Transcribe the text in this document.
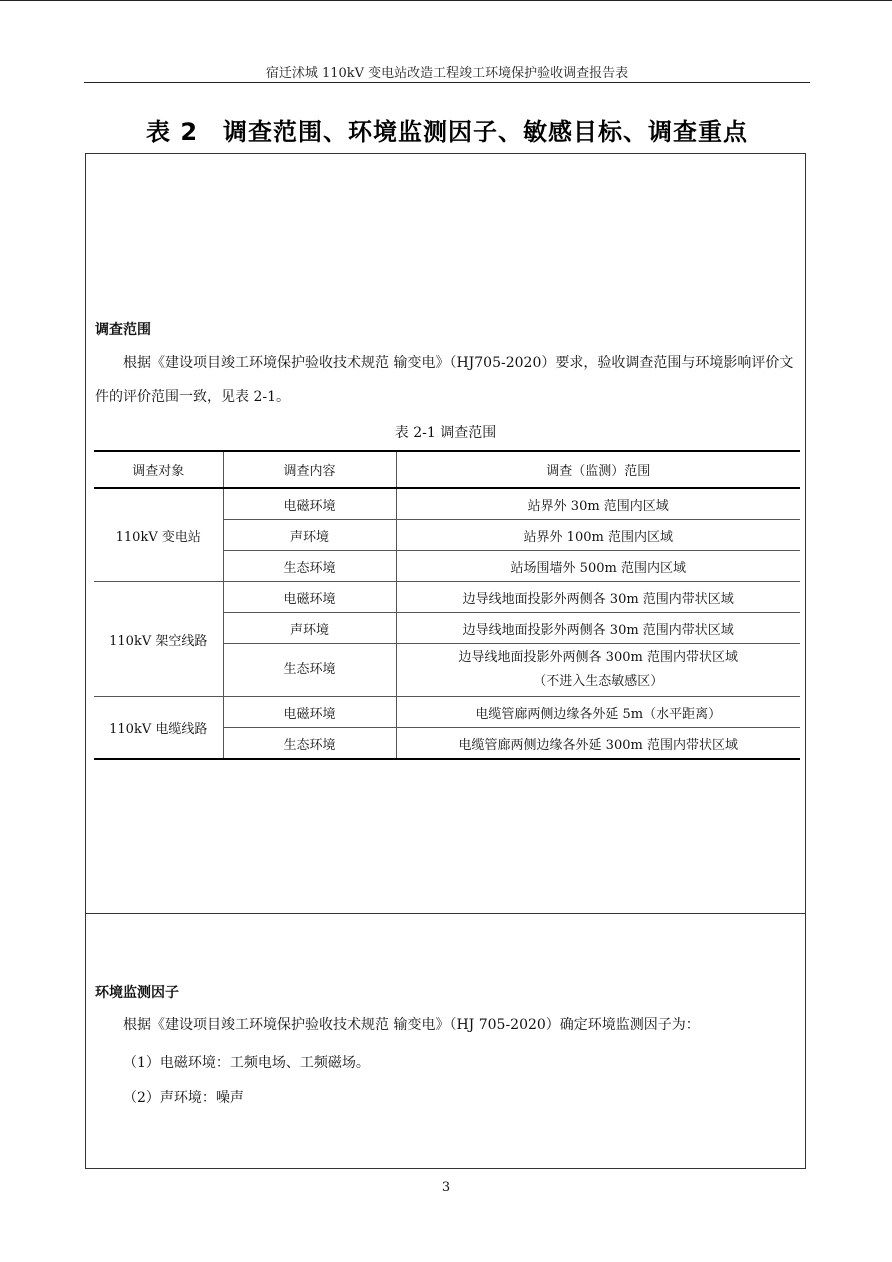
宿迁沭城 110kV 变电站改造工程竣工环境保护验收调查报告表
表 2　调查范围、环境监测因子、敏感目标、调查重点
调查范围
根据《建设项目竣工环境保护验收技术规范 输变电》（HJ705-2020）要求，验收调查范围与环境影响评价文件的评价范围一致，见表 2-1。
表 2-1 调查范围
调查对象	调查内容	调查（监测）范围
110kV 变电站	电磁环境	站界外 30m 范围内区域
	声环境	站界外 100m 范围内区域
	生态环境	站场围墙外 500m 范围内区域
110kV 架空线路	电磁环境	边导线地面投影外两侧各 30m 范围内带状区域
	声环境	边导线地面投影外两侧各 30m 范围内带状区域
	生态环境	边导线地面投影外两侧各 300m 范围内带状区域
（不进入生态敏感区）

110kV 电缆线路	电磁环境	电缆管廊两侧边缘各外延 5m（水平距离）
	生态环境	电缆管廊两侧边缘各外延 300m 范围内带状区域
环境监测因子
根据《建设项目竣工环境保护验收技术规范 输变电》（HJ 705-2020）确定环境监测因子为：
（1）电磁环境：工频电场、工频磁场。
（2）声环境：噪声
3
